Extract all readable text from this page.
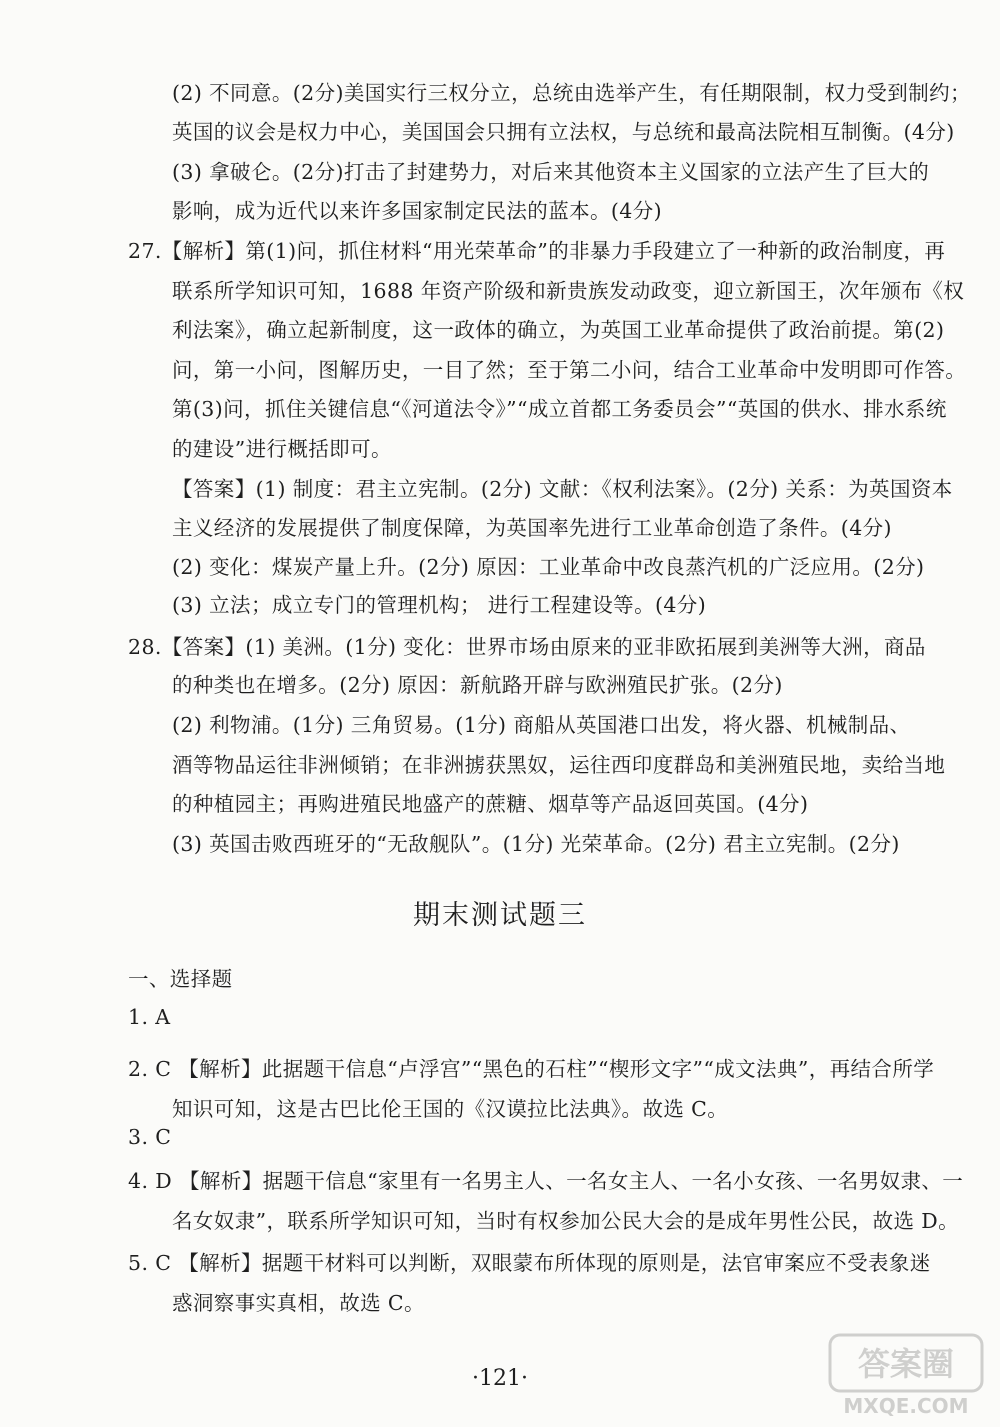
(2) 不同意。(2分)美国实行三权分立，总统由选举产生，有任期限制，权力受到制约；
英国的议会是权力中心，美国国会只拥有立法权，与总统和最高法院相互制衡。(4分)
(3) 拿破仑。(2分)打击了封建势力，对后来其他资本主义国家的立法产生了巨大的
影响，成为近代以来许多国家制定民法的蓝本。(4分)
27.【解析】第(1)问，抓住材料“用光荣革命”的非暴力手段建立了一种新的政治制度，再
联系所学知识可知，1688 年资产阶级和新贵族发动政变，迎立新国王，次年颁布《权
利法案》，确立起新制度，这一政体的确立，为英国工业革命提供了政治前提。第(2)
问，第一小问，图解历史，一目了然；至于第二小问，结合工业革命中发明即可作答。
第(3)问，抓住关键信息“《河道法令》”“成立首都工务委员会”“英国的供水、排水系统
的建设”进行概括即可。
【答案】(1) 制度：君主立宪制。(2分) 文献：《权利法案》。(2分) 关系：为英国资本
主义经济的发展提供了制度保障，为英国率先进行工业革命创造了条件。(4分)
(2) 变化：煤炭产量上升。(2分) 原因：工业革命中改良蒸汽机的广泛应用。(2分)
(3) 立法；成立专门的管理机构； 进行工程建设等。(4分)
28.【答案】(1) 美洲。(1分) 变化：世界市场由原来的亚非欧拓展到美洲等大洲，商品
的种类也在增多。(2分) 原因：新航路开辟与欧洲殖民扩张。(2分)
(2) 利物浦。(1分) 三角贸易。(1分) 商船从英国港口出发，将火器、机械制品、
酒等物品运往非洲倾销；在非洲掳获黑奴，运往西印度群岛和美洲殖民地，卖给当地
的种植园主；再购进殖民地盛产的蔗糖、烟草等产品返回英国。(4分)
(3) 英国击败西班牙的“无敌舰队”。(1分) 光荣革命。(2分) 君主立宪制。(2分)
期末测试题三
一、选择题
1. A
2. C 【解析】此据题干信息“卢浮宫”“黑色的石柱”“楔形文字”“成文法典”，再结合所学
知识可知，这是古巴比伦王国的《汉谟拉比法典》。故选 C。
3. C
4. D 【解析】据题干信息“家里有一名男主人、一名女主人、一名小女孩、一名男奴隶、一
名女奴隶”，联系所学知识可知，当时有权参加公民大会的是成年男性公民，故选 D。
5. C 【解析】据题干材料可以判断，双眼蒙布所体现的原则是，法官审案应不受表象迷
惑洞察事实真相，故选 C。
·121·	答案圈
MXQE.COM
